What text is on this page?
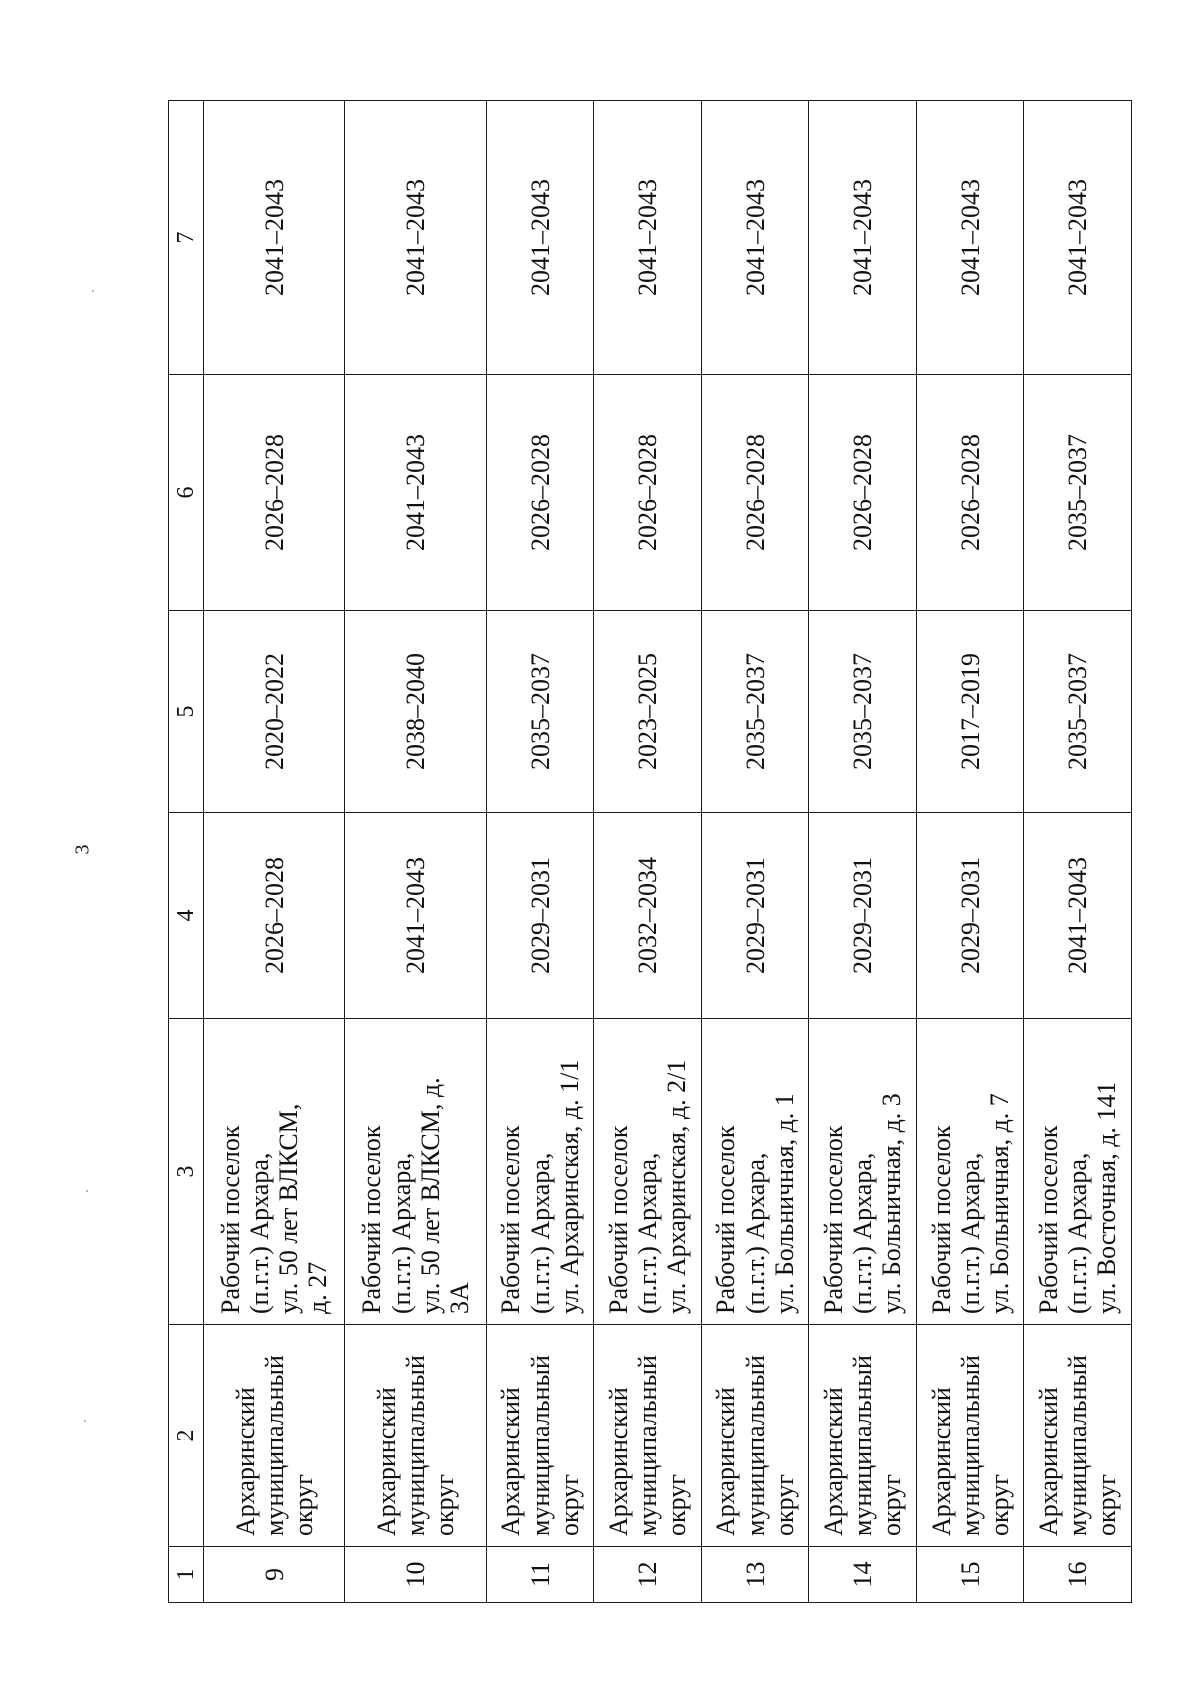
3
1	2	3	4	5	6	7
9	Архаринский муниципальный округ	Рабочий поселок
(п.г.т.) Архара,
ул. 50 лет ВЛКСМ,
д. 27	2026–2028	2020–2022	2026–2028	2041–2043
10	Архаринский муниципальный округ	Рабочий поселок
(п.г.т.) Архара,
ул. 50 лет ВЛКСМ, д.
3А	2041–2043	2038–2040	2041–2043	2041–2043
11	Архаринский муниципальный округ	Рабочий поселок
(п.г.т.) Архара,
ул. Архаринская, д. 1/1	2029–2031	2035–2037	2026–2028	2041–2043
12	Архаринский муниципальный округ	Рабочий поселок
(п.г.т.) Архара,
ул. Архаринская, д. 2/1	2032–2034	2023–2025	2026–2028	2041–2043
13	Архаринский муниципальный округ	Рабочий поселок
(п.г.т.) Архара,
ул. Больничная, д. 1	2029–2031	2035–2037	2026–2028	2041–2043
14	Архаринский муниципальный округ	Рабочий поселок
(п.г.т.) Архара,
ул. Больничная, д. 3	2029–2031	2035–2037	2026–2028	2041–2043
15	Архаринский муниципальный округ	Рабочий поселок
(п.г.т.) Архара,
ул. Больничная, д. 7	2029–2031	2017–2019	2026–2028	2041–2043
16	Архаринский муниципальный округ	Рабочий поселок
(п.г.т.) Архара,
ул. Восточная, д. 141	2041–2043	2035–2037	2035–2037	2041–2043
